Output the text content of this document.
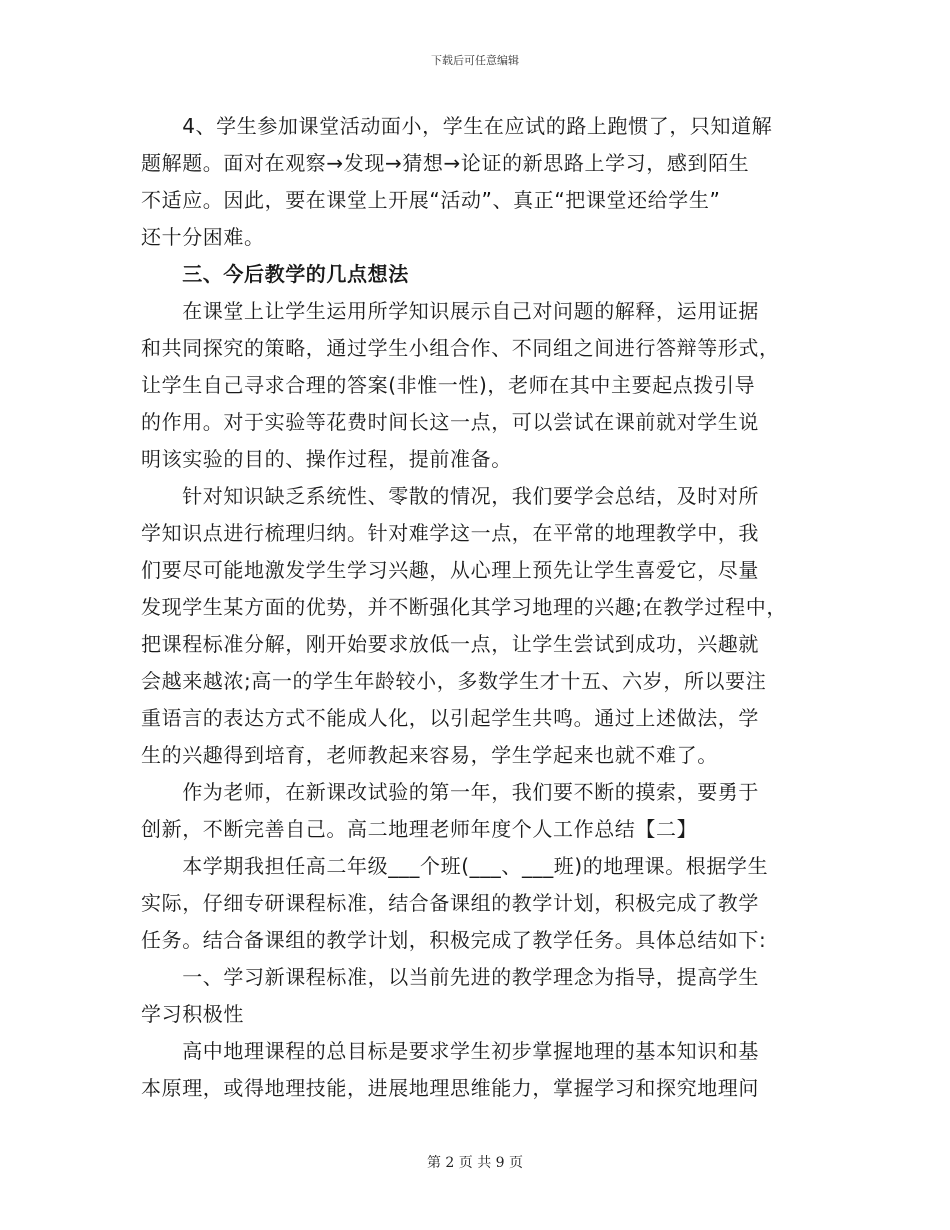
下载后可任意编辑
　　4、学生参加课堂活动面小，学生在应试的路上跑惯了，只知道解
题解题。面对在观察→发现→猜想→论证的新思路上学习，感到陌生
不适应。因此，要在课堂上开展“活动”、真正“把课堂还给学生”
还十分困难。
　　三、今后教学的几点想法
　　在课堂上让学生运用所学知识展示自己对问题的解释，运用证据
和共同探究的策略，通过学生小组合作、不同组之间进行答辩等形式，
让学生自己寻求合理的答案(非惟一性)，老师在其中主要起点拨引导
的作用。对于实验等花费时间长这一点，可以尝试在课前就对学生说
明该实验的目的、操作过程，提前准备。
　　针对知识缺乏系统性、零散的情况，我们要学会总结，及时对所
学知识点进行梳理归纳。针对难学这一点，在平常的地理教学中，我
们要尽可能地激发学生学习兴趣，从心理上预先让学生喜爱它，尽量
发现学生某方面的优势，并不断强化其学习地理的兴趣;在教学过程中，
把课程标准分解，刚开始要求放低一点，让学生尝试到成功，兴趣就
会越来越浓;高一的学生年龄较小，多数学生才十五、六岁，所以要注
重语言的表达方式不能成人化，以引起学生共鸣。通过上述做法，学
生的兴趣得到培育，老师教起来容易，学生学起来也就不难了。
　　作为老师，在新课改试验的第一年，我们要不断的摸索，要勇于
创新，不断完善自己。高二地理老师年度个人工作总结【二】
　　本学期我担任高二年级___个班(___、___班)的地理课。根据学生
实际，仔细专研课程标准，结合备课组的教学计划，积极完成了教学
任务。结合备课组的教学计划，积极完成了教学任务。具体总结如下:
　　一、学习新课程标准，以当前先进的教学理念为指导，提高学生
学习积极性
　　高中地理课程的总目标是要求学生初步掌握地理的基本知识和基
本原理，或得地理技能，进展地理思维能力，掌握学习和探究地理问
第 2 页 共 9 页
